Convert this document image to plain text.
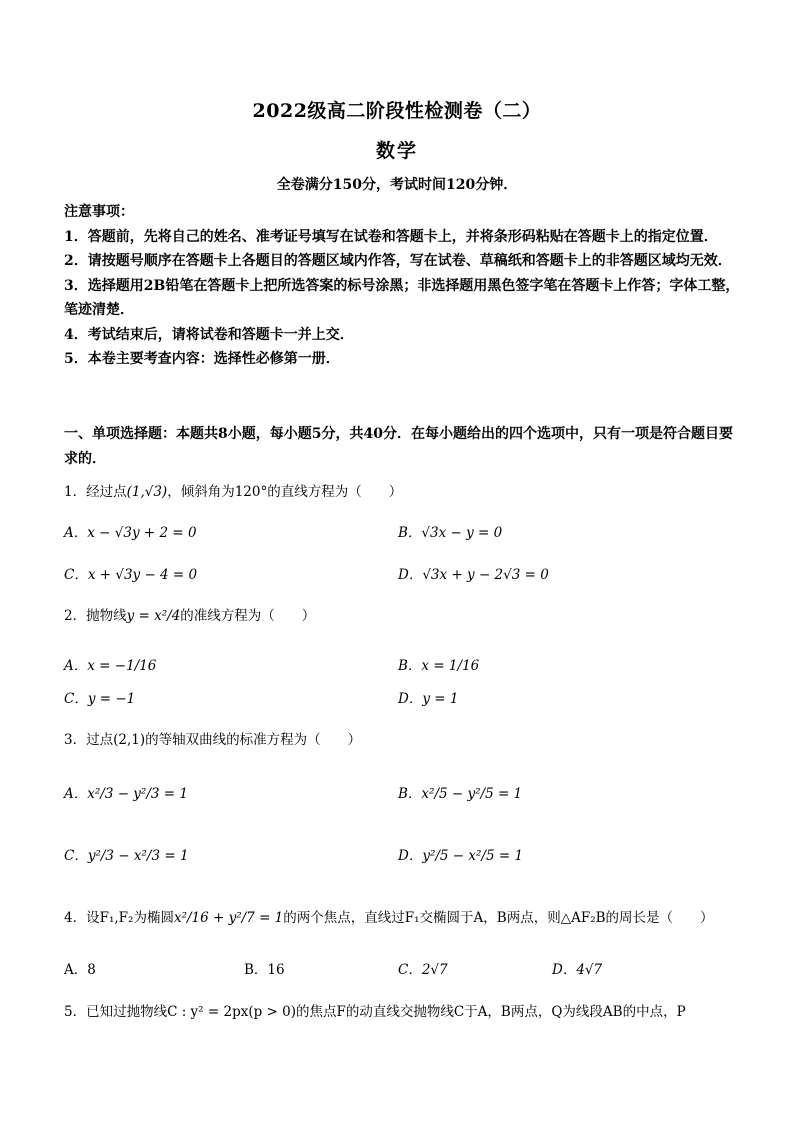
2022级高二阶段性检测卷（二）
数学
全卷满分150分，考试时间120分钟．

注意事项：

1．答题前，先将自己的姓名、准考证号填写在试卷和答题卡上，并将条形码粘贴在答题卡上的指定位置．

2．请按题号顺序在答题卡上各题目的答题区域内作答，写在试卷、草稿纸和答题卡上的非答题区域均无效．

3．选择题用2B铅笔在答题卡上把所选答案的标号涂黑；非选择题用黑色签字笔在答题卡上作答；字体工整，笔迹清楚．

4．考试结束后，请将试卷和答题卡一并上交．

5．本卷主要考查内容：选择性必修第一册．

一、单项选择题：本题共8小题，每小题5分，共40分．在每小题给出的四个选项中，只有一项是符合题目要求的．

1．经过点(1,√3)，倾斜角为120°的直线方程为（　　）
A．x − √3y + 2 = 0	B．√3x − y = 0
C．x + √3y − 4 = 0	D．√3x + y − 2√3 = 0
2．抛物线y = x²/4的准线方程为（　　）
A．x = −1/16	B．x = 1/16
C．y = −1	D．y = 1
3．过点(2,1)的等轴双曲线的标准方程为（　　）
A．x²/3 − y²/3 = 1	B．x²/5 − y²/5 = 1
C．y²/3 − x²/3 = 1	D．y²/5 − x²/5 = 1
4．设F₁,F₂为椭圆x²/16 + y²/7 = 1的两个焦点，直线过F₁交椭圆于A，B两点，则△AF₂B的周长是（　　）
A．8	B．16	C．2√7	D．4√7
5．已知过抛物线C : y² = 2px(p > 0)的焦点F的动直线交抛物线C于A，B两点，Q为线段AB的中点，P
